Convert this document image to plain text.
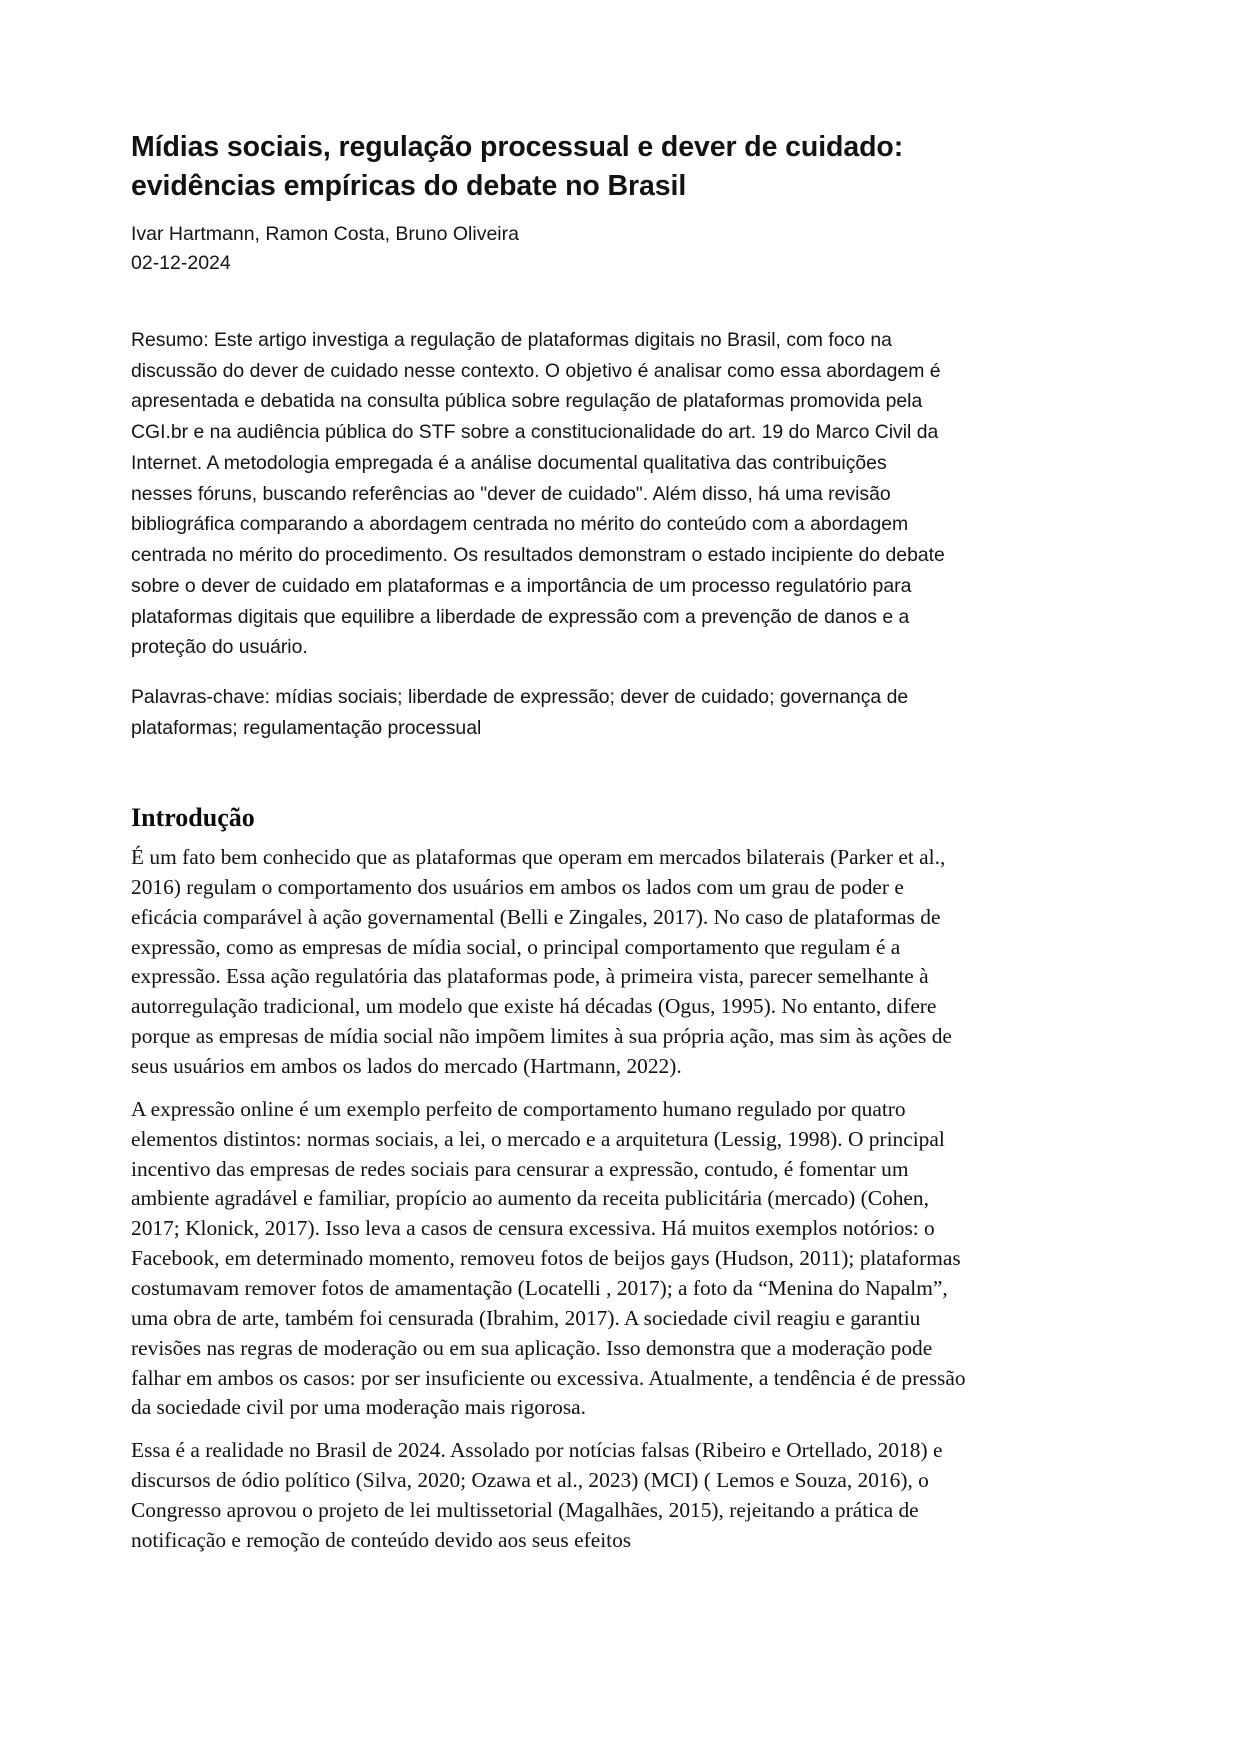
Mídias sociais, regulação processual e dever de cuidado: evidências empíricas do debate no Brasil
Ivar Hartmann, Ramon Costa, Bruno Oliveira
02-12-2024

Resumo: Este artigo investiga a regulação de plataformas digitais no Brasil, com foco na discussão do dever de cuidado nesse contexto. O objetivo é analisar como essa abordagem é apresentada e debatida na consulta pública sobre regulação de plataformas promovida pela CGI.br e na audiência pública do STF sobre a constitucionalidade do art. 19 do Marco Civil da Internet. A metodologia empregada é a análise documental qualitativa das contribuições nesses fóruns, buscando referências ao "dever de cuidado". Além disso, há uma revisão bibliográfica comparando a abordagem centrada no mérito do conteúdo com a abordagem centrada no mérito do procedimento. Os resultados demonstram o estado incipiente do debate sobre o dever de cuidado em plataformas e a importância de um processo regulatório para plataformas digitais que equilibre a liberdade de expressão com a prevenção de danos e a proteção do usuário.

Palavras-chave: mídias sociais; liberdade de expressão; dever de cuidado; governança de plataformas; regulamentação processual

Introdução

É um fato bem conhecido que as plataformas que operam em mercados bilaterais (Parker et al., 2016) regulam o comportamento dos usuários em ambos os lados com um grau de poder e eficácia comparável à ação governamental (Belli e Zingales, 2017). No caso de plataformas de expressão, como as empresas de mídia social, o principal comportamento que regulam é a expressão. Essa ação regulatória das plataformas pode, à primeira vista, parecer semelhante à autorregulação tradicional, um modelo que existe há décadas (Ogus, 1995). No entanto, difere porque as empresas de mídia social não impõem limites à sua própria ação, mas sim às ações de seus usuários em ambos os lados do mercado (Hartmann, 2022).

A expressão online é um exemplo perfeito de comportamento humano regulado por quatro elementos distintos: normas sociais, a lei, o mercado e a arquitetura (Lessig, 1998). O principal incentivo das empresas de redes sociais para censurar a expressão, contudo, é fomentar um ambiente agradável e familiar, propício ao aumento da receita publicitária (mercado) (Cohen, 2017; Klonick, 2017). Isso leva a casos de censura excessiva. Há muitos exemplos notórios: o Facebook, em determinado momento, removeu fotos de beijos gays (Hudson, 2011); plataformas costumavam remover fotos de amamentação (Locatelli , 2017); a foto da “Menina do Napalm”, uma obra de arte, também foi censurada (Ibrahim, 2017). A sociedade civil reagiu e garantiu revisões nas regras de moderação ou em sua aplicação. Isso demonstra que a moderação pode falhar em ambos os casos: por ser insuficiente ou excessiva. Atualmente, a tendência é de pressão da sociedade civil por uma moderação mais rigorosa.

Essa é a realidade no Brasil de 2024. Assolado por notícias falsas (Ribeiro e Ortellado, 2018) e discursos de ódio político (Silva, 2020; Ozawa et al., 2023) (MCI) ( Lemos e Souza, 2016), o Congresso aprovou o projeto de lei multissetorial (Magalhães, 2015), rejeitando a prática de notificação e remoção de conteúdo devido aos seus efeitos
